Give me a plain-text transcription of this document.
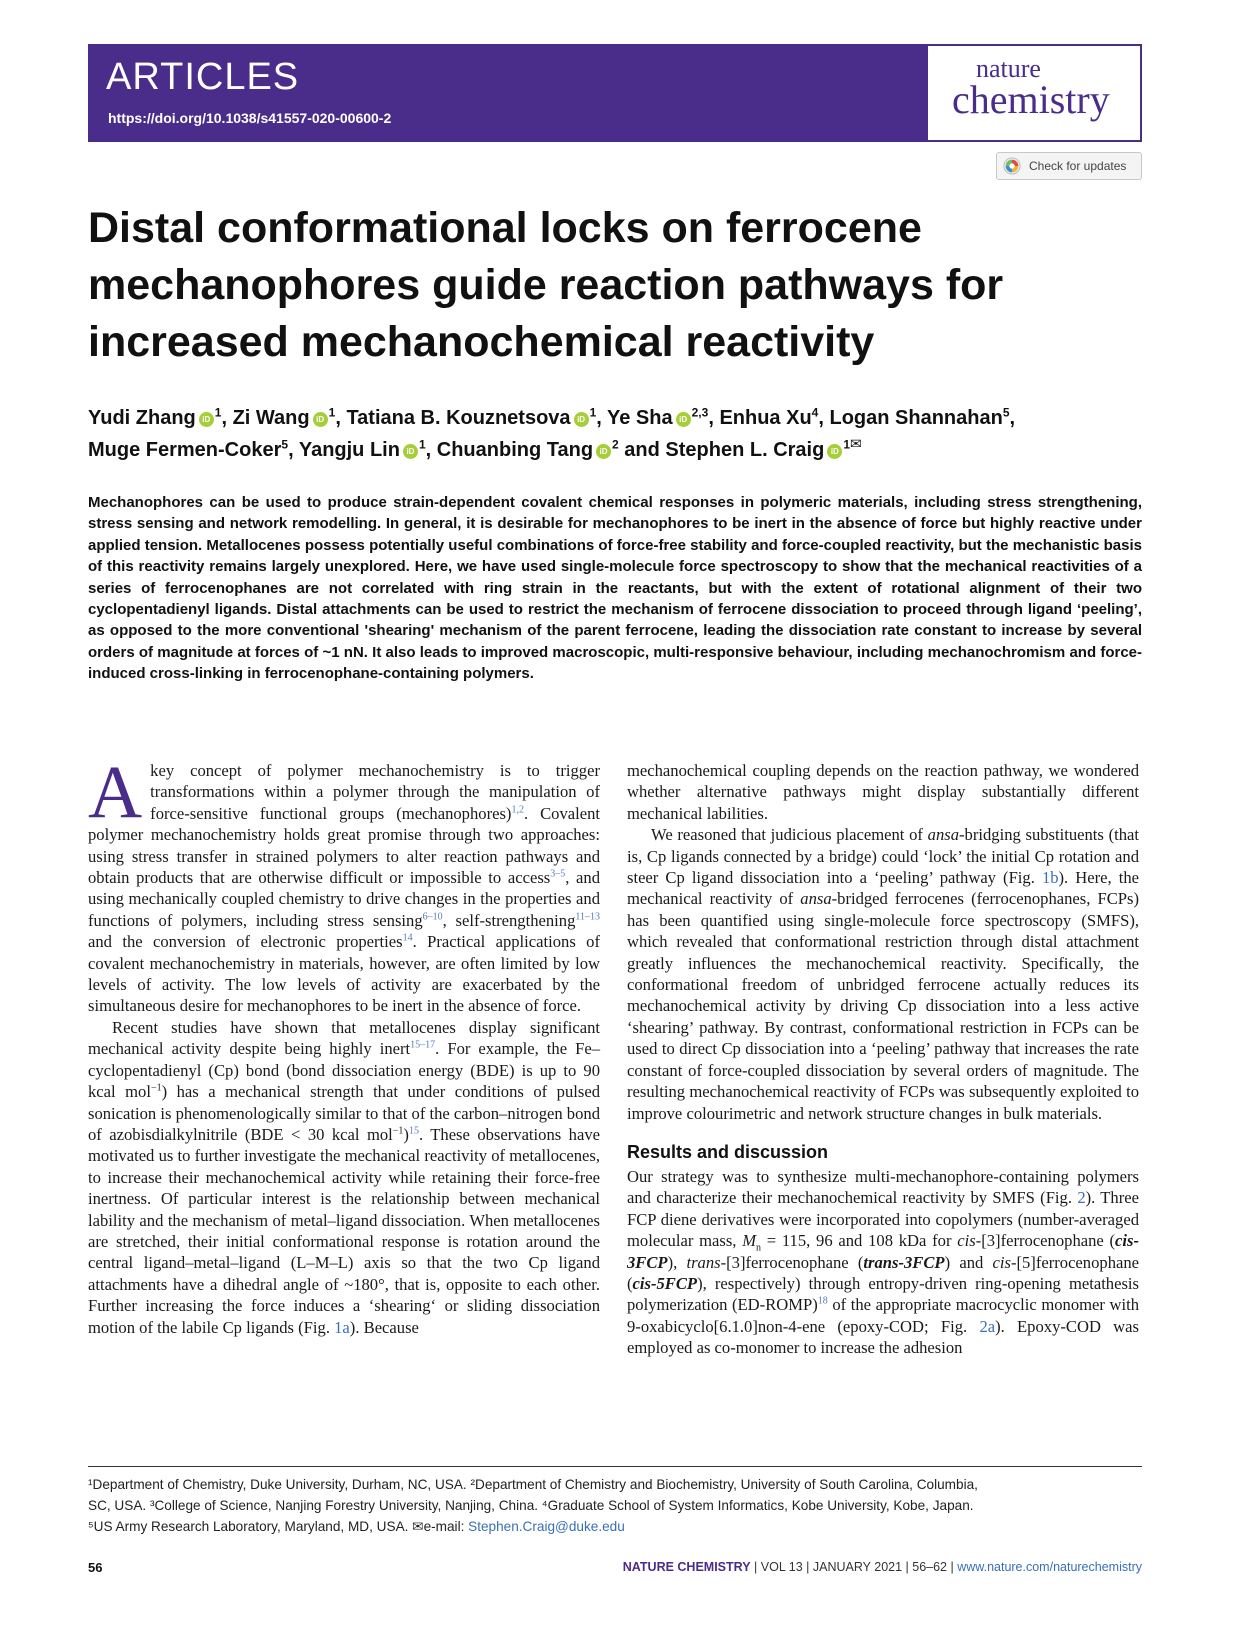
ARTICLES
https://doi.org/10.1038/s41557-020-00600-2
nature
chemistry
Check for updates
Distal conformational locks on ferrocene mechanophores guide reaction pathways for increased mechanochemical reactivity
Yudi Zhang iD$^1$, Zi Wang iD$^1$, Tatiana B. Kouznetsova iD$^1$, Ye Sha iD$^{2,3}$, Enhua Xu$^4$, Logan Shannahan$^5$, Muge Fermen-Coker$^5$, Yangju Lin iD$^1$, Chuanbing Tang iD$^2$ and Stephen L. Craig iD$^{1✉}$
Mechanophores can be used to produce strain-dependent covalent chemical responses in polymeric materials, including stress strengthening, stress sensing and network remodelling. In general, it is desirable for mechanophores to be inert in the absence of force but highly reactive under applied tension. Metallocenes possess potentially useful combinations of force-free stability and force-coupled reactivity, but the mechanistic basis of this reactivity remains largely unexplored. Here, we have used single-molecule force spectroscopy to show that the mechanical reactivities of a series of ferrocenophanes are not correlated with ring strain in the reactants, but with the extent of rotational alignment of their two cyclopentadienyl ligands. Distal attachments can be used to restrict the mechanism of ferrocene dissociation to proceed through ligand ‘peeling’, as opposed to the more conventional 'shearing' mechanism of the parent ferrocene, leading the dissociation rate constant to increase by several orders of magnitude at forces of ~1 nN. It also leads to improved macroscopic, multi-responsive behaviour, including mechanochromism and force-induced cross-linking in ferrocenophane-containing polymers.

Akey concept of polymer mechanochemistry is to trigger transformations within a polymer through the manipulation of force-sensitive functional groups (mechanophores)$^{1,2}$. Covalent polymer mechanochemistry holds great promise through two approaches: using stress transfer in strained polymers to alter reaction pathways and obtain products that are otherwise difficult or impossible to access$^{3-5}$, and using mechanically coupled chemistry to drive changes in the properties and functions of polymers, including stress sensing$^{6-10}$, self-strengthening$^{11-13}$ and the conversion of electronic properties$^{14}$. Practical applications of covalent mechanochemistry in materials, however, are often limited by low levels of activity. The low levels of activity are exacerbated by the simultaneous desire for mechanophores to be inert in the absence of force.

Recent studies have shown that metallocenes display significant mechanical activity despite being highly inert$^{15-17}$. For example, the Fe–cyclopentadienyl (Cp) bond (bond dissociation energy (BDE) is up to 90 kcal mol$^{-1}$) has a mechanical strength that under conditions of pulsed sonication is phenomenologically similar to that of the carbon–nitrogen bond of azobisdialkylnitrile (BDE < 30 kcal mol$^{-1}$)$^{15}$. These observations have motivated us to further investigate the mechanical reactivity of metallocenes, to increase their mechanochemical activity while retaining their force-free inertness. Of particular interest is the relationship between mechanical lability and the mechanism of metal–ligand dissociation. When metallocenes are stretched, their initial conformational response is rotation around the central ligand–metal–ligand (L–M–L) axis so that the two Cp ligand attachments have a dihedral angle of ~180°, that is, opposite to each other. Further increasing the force induces a ‘shearing‘ or sliding dissociation motion of the labile Cp ligands (Fig. 1a). Because

mechanochemical coupling depends on the reaction pathway, we wondered whether alternative pathways might display substantially different mechanical labilities.

We reasoned that judicious placement of ansa-bridging substituents (that is, Cp ligands connected by a bridge) could ‘lock’ the initial Cp rotation and steer Cp ligand dissociation into a ‘peeling’ pathway (Fig. 1b). Here, the mechanical reactivity of ansa-bridged ferrocenes (ferrocenophanes, FCPs) has been quantified using single-molecule force spectroscopy (SMFS), which revealed that conformational restriction through distal attachment greatly influences the mechanochemical reactivity. Specifically, the conformational freedom of unbridged ferrocene actually reduces its mechanochemical activity by driving Cp dissociation into a less active ‘shearing’ pathway. By contrast, conformational restriction in FCPs can be used to direct Cp dissociation into a ‘peeling’ pathway that increases the rate constant of force-coupled dissociation by several orders of magnitude. The resulting mechanochemical reactivity of FCPs was subsequently exploited to improve colourimetric and network structure changes in bulk materials.

Results and discussion

Our strategy was to synthesize multi-mechanophore-containing polymers and characterize their mechanochemical reactivity by SMFS (Fig. 2). Three FCP diene derivatives were incorporated into copolymers (number-averaged molecular mass, $M_n = 115$, 96 and 108 kDa for cis-[3]ferrocenophane (cis-3FCP), trans-[3]ferrocenophane (trans-3FCP) and cis-[5]ferrocenophane (cis-5FCP), respectively) through entropy-driven ring-opening metathesis polymerization (ED-ROMP)$^{18}$ of the appropriate macrocyclic monomer with 9-oxabicyclo[6.1.0]non-4-ene (epoxy-COD; Fig. 2a). Epoxy-COD was employed as co-monomer to increase the adhesion

¹Department of Chemistry, Duke University, Durham, NC, USA. ²Department of Chemistry and Biochemistry, University of South Carolina, Columbia,
SC, USA. ³College of Science, Nanjing Forestry University, Nanjing, China. ⁴Graduate School of System Informatics, Kobe University, Kobe, Japan.
⁵US Army Research Laboratory, Maryland, MD, USA. ✉e-mail: Stephen.Craig@duke.edu
56	NATURE CHEMISTRY | VOL 13 | JANUARY 2021 | 56–62 | www.nature.com/naturechemistry
